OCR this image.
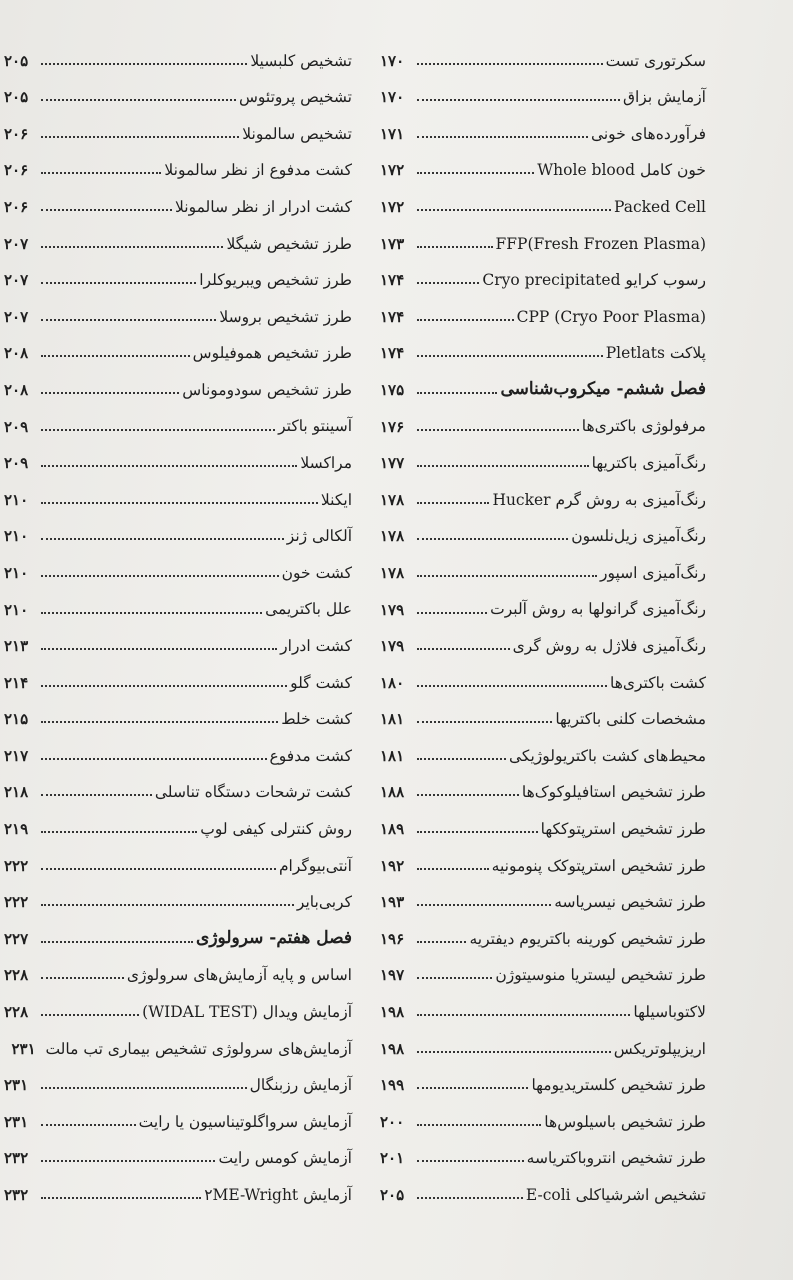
سکرتوری تست
۱۷۰
آزمایش بزاق
۱۷۰
فرآورده‌های خونی
۱۷۱
خون کامل Whole blood
۱۷۲
Packed Cell
۱۷۲
FFP(Fresh Frozen Plasma)
۱۷۳
رسوب کرایو Cryo precipitated
۱۷۴
CPP (Cryo Poor Plasma)
۱۷۴
پلاکت Pletlats
۱۷۴
فصل ششم- میکروب‌شناسی
۱۷۵
مرفولوژی باکتری‌ها
۱۷۶
رنگ‌آمیزی باکتریها
۱۷۷
رنگ‌آمیزی به روش گرم Hucker
۱۷۸
رنگ‌آمیزی زیل‌نلسون
۱۷۸
رنگ‌آمیزی اسپور
۱۷۸
رنگ‌آمیزی گرانولها به روش آلبرت
۱۷۹
رنگ‌آمیزی فلاژل به روش گری
۱۷۹
کشت باکتری‌ها
۱۸۰
مشخصات کلنی باکتریها
۱۸۱
محیط‌های کشت باکتریولوژیکی
۱۸۱
طرز تشخیص استافیلوکوک‌ها
۱۸۸
طرز تشخیص استرپتوککها
۱۸۹
طرز تشخیص استرپتوکک پنومونیه
۱۹۲
طرز تشخیص نیسریاسه
۱۹۳
طرز تشخیص کورینه باکتریوم دیفتریه
۱۹۶
طرز تشخیص لیستریا منوسیتوژن
۱۹۷
لاکتوباسیلها
۱۹۸
اریزیپلوتریکس
۱۹۸
طرز تشخیص کلستریدیومها
۱۹۹
طرز تشخیص باسیلوس‌ها
۲۰۰
طرز تشخیص انتروباکتریاسه
۲۰۱
تشخیص اشرشیاکلی E-coli
۲۰۵
تشخیص کلبسیلا
۲۰۵
تشخیص پروتئوس
۲۰۵
تشخیص سالمونلا
۲۰۶
کشت مدفوع از نظر سالمونلا
۲۰۶
کشت ادرار از نظر سالمونلا
۲۰۶
طرز تشخیص شیگلا
۲۰۷
طرز تشخیص ویبریوکلرا
۲۰۷
طرز تشخیص بروسلا
۲۰۷
طرز تشخیص هموفیلوس
۲۰۸
طرز تشخیص سودوموناس
۲۰۸
آسینتو باکتر
۲۰۹
مراکسلا
۲۰۹
ایکنلا
۲۱۰
آلکالی ژنز
۲۱۰
کشت خون
۲۱۰
علل باکتریمی
۲۱۰
کشت ادرار
۲۱۳
کشت گلو
۲۱۴
کشت خلط
۲۱۵
کشت مدفوع
۲۱۷
کشت ترشحات دستگاه تناسلی
۲۱۸
روش کنترلی کیفی لوپ
۲۱۹
آنتی‌بیوگرام
۲۲۲
کربی‌بایر
۲۲۲
فصل هفتم- سرولوژی
۲۲۷
اساس و پایه آزمایش‌های سرولوژی
۲۲۸
آزمایش ویدال (WIDAL TEST)
۲۲۸
آزمایش‌های سرولوژی تشخیص بیماری تب مالت
۲۳۱
آزمایش رزبنگال
۲۳۱
آزمایش سرواگلوتیناسیون یا رایت
۲۳۱
آزمایش کومس رایت
۲۳۲
آزمایش ۲ME-Wright
۲۳۲
